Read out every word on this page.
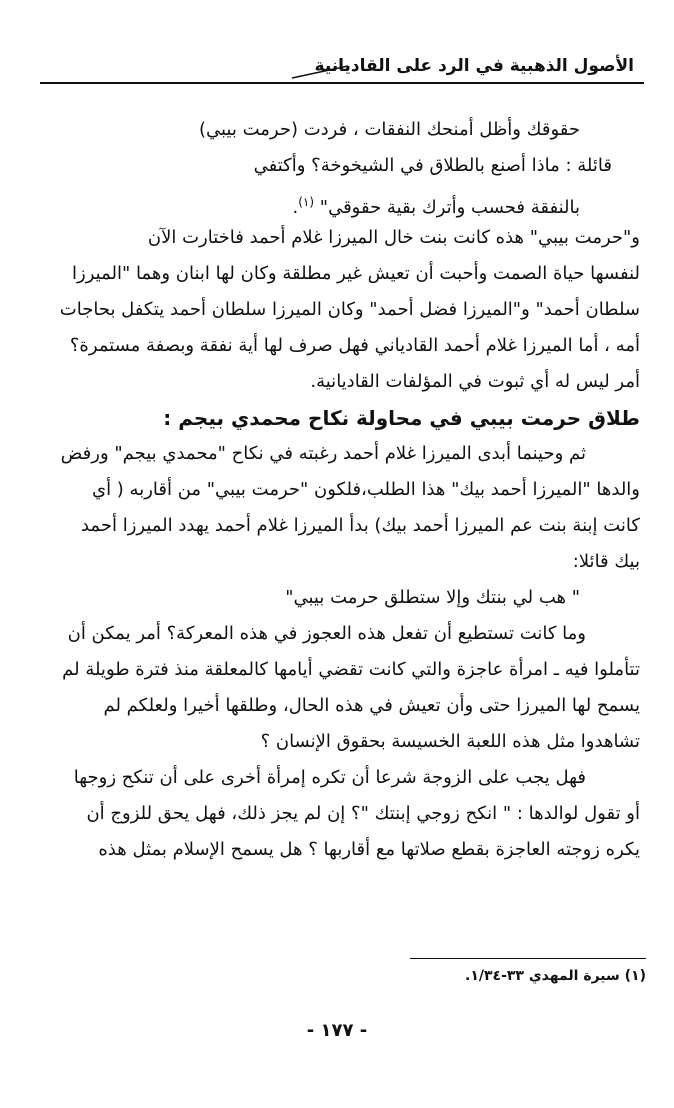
الأصول الذهبية في الرد على القاديانية
حقوقك وأظل أمنحك النفقات ، فردت (حرمت بيبي)
قائلة : ماذا أصنع بالطلاق في الشيخوخة؟ وأكتفي
بالنفقة فحسب وأترك بقية حقوقي" $^{(١)}$.
و"حرمت بيبي" هذه كانت بنت خال الميرزا غلام أحمد فاختارت الآن
لنفسها حياة الصمت وأحبت أن تعيش غير مطلقة وكان لها ابنان وهما "الميرزا
سلطان أحمد" و"الميرزا فضل أحمد" وكان الميرزا سلطان أحمد يتكفل بحاجات
أمه ، أما الميرزا غلام أحمد القادياني فهل صرف لها أية نفقة وبصفة مستمرة؟
أمر ليس له أي ثبوت في المؤلفات القاديانية.
طلاق حرمت بيبي في محاولة نكاح محمدي بيجم :
ثم وحينما أبدى الميرزا غلام أحمد رغبته في نكاح "محمدي بيجم" ورفض
والدها "الميرزا أحمد بيك" هذا الطلب،فلكون "حرمت بيبي" من أقاربه ( أي
كانت إبنة بنت عم الميرزا أحمد بيك) بدأ الميرزا غلام أحمد يهدد الميرزا أحمد
بيك قائلا:
" هب لي بنتك وإلا ستطلق حرمت بيبي"
وما كانت تستطيع أن تفعل هذه العجوز في هذه المعركة؟ أمر يمكن أن
تتأملوا فيه ـ امرأة عاجزة والتي كانت تقضي أيامها كالمعلقة منذ فترة طويلة لم
يسمح لها الميرزا حتى وأن تعيش في هذه الحال، وطلقها أخيرا ولعلكم لم
تشاهدوا مثل هذه اللعبة الخسيسة بحقوق الإنسان ؟
فهل يجب على الزوجة شرعا أن تكره إمرأة أخرى على أن تنكح زوجها
أو تقول لوالدها : " انكح زوجي إبنتك "؟ إن لم يجز ذلك، فهل يحق للزوج أن
يكره زوجته العاجزة بقطع صلاتها مع أقاربها ؟ هل يسمح الإسلام بمثل هذه
(١) سيرة المهدي ٣٣-١/٣٤.
- ١٧٧ -
